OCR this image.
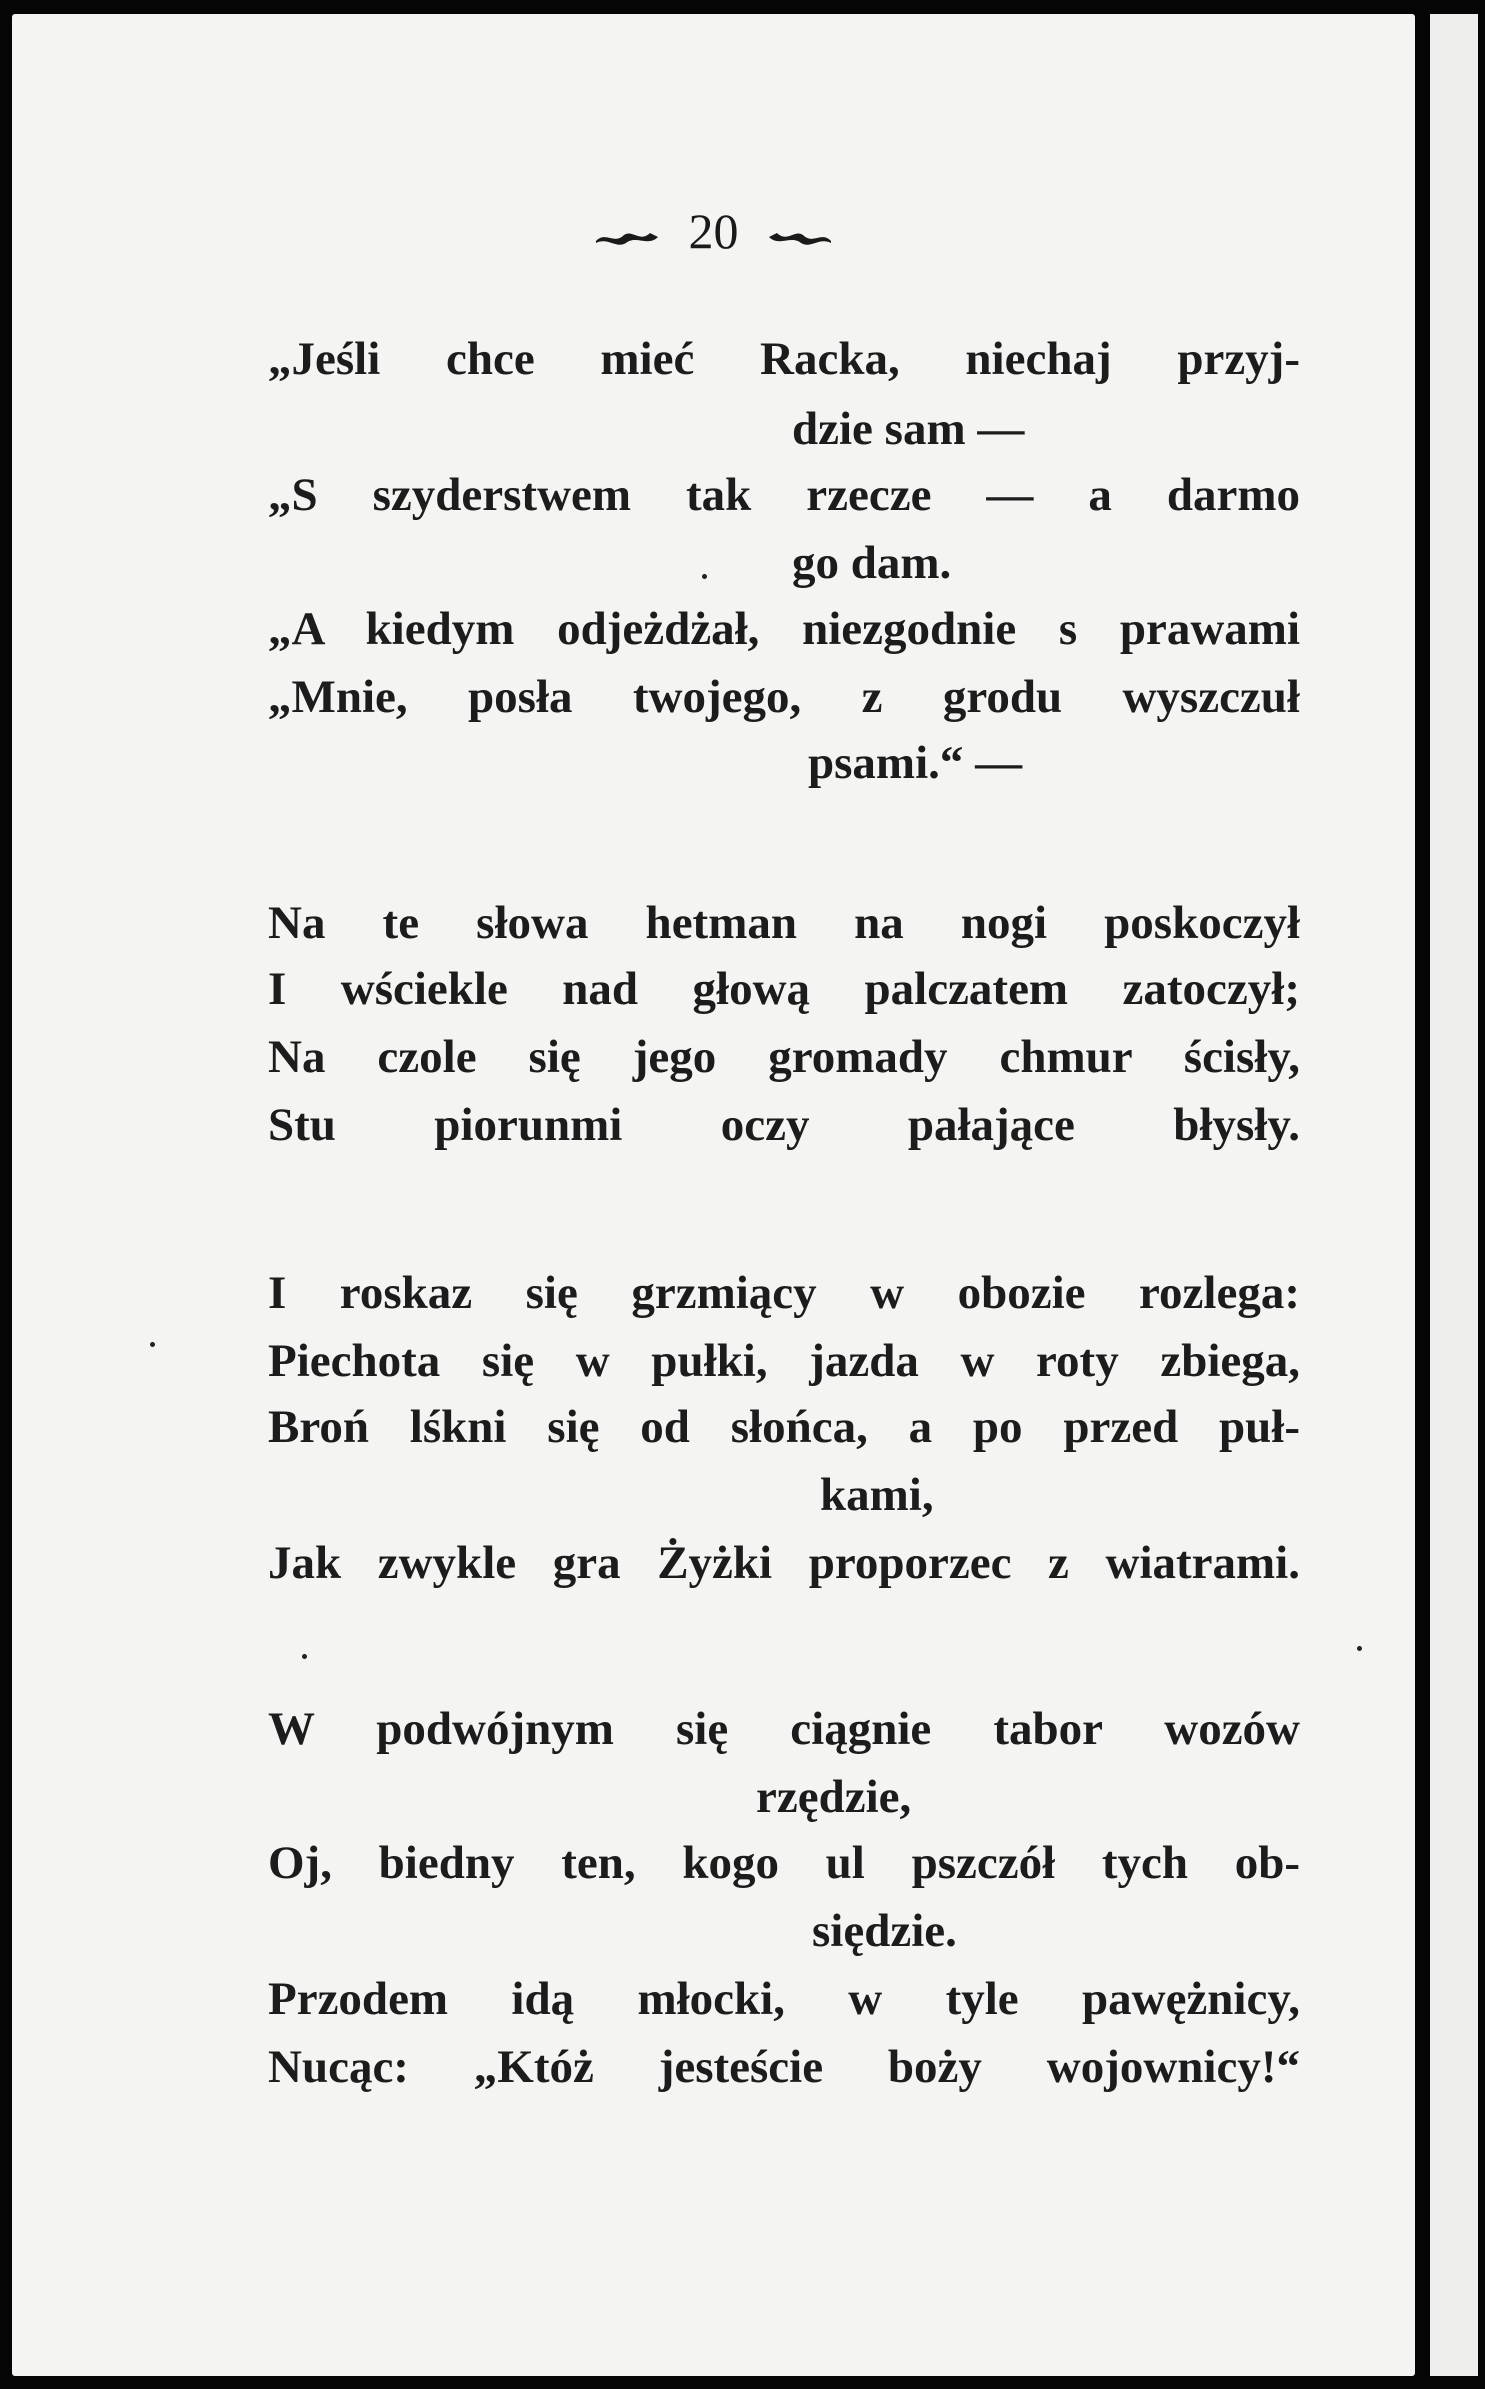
20
„Jeśli chce mieć Racka, niechaj przyj-
dzie sam —
„S szyderstwem tak rzecze — a darmo
go dam.
„A kiedym odjeżdżał, niezgodnie s prawami
„Mnie, posła twojego, z grodu wyszczuł
psami.“ —
Na te słowa hetman na nogi poskoczył
I wściekle nad głową palczatem zatoczył;
Na czole się jego gromady chmur ścisły,
Stu piorunmi oczy pałające błysły.
I roskaz się grzmiący w obozie rozlega:
Piechota się w pułki, jazda w roty zbiega,
Broń lśkni się od słońca, a po przed puł-
kami,
Jak zwykle gra Żyżki proporzec z wiatrami.
W podwójnym się ciągnie tabor wozów
rzędzie,
Oj, biedny ten, kogo ul pszczół tych ob-
siędzie.
Przodem idą młocki, w tyle pawężnicy,
Nucąc: „Któż jesteście boży wojownicy!“
